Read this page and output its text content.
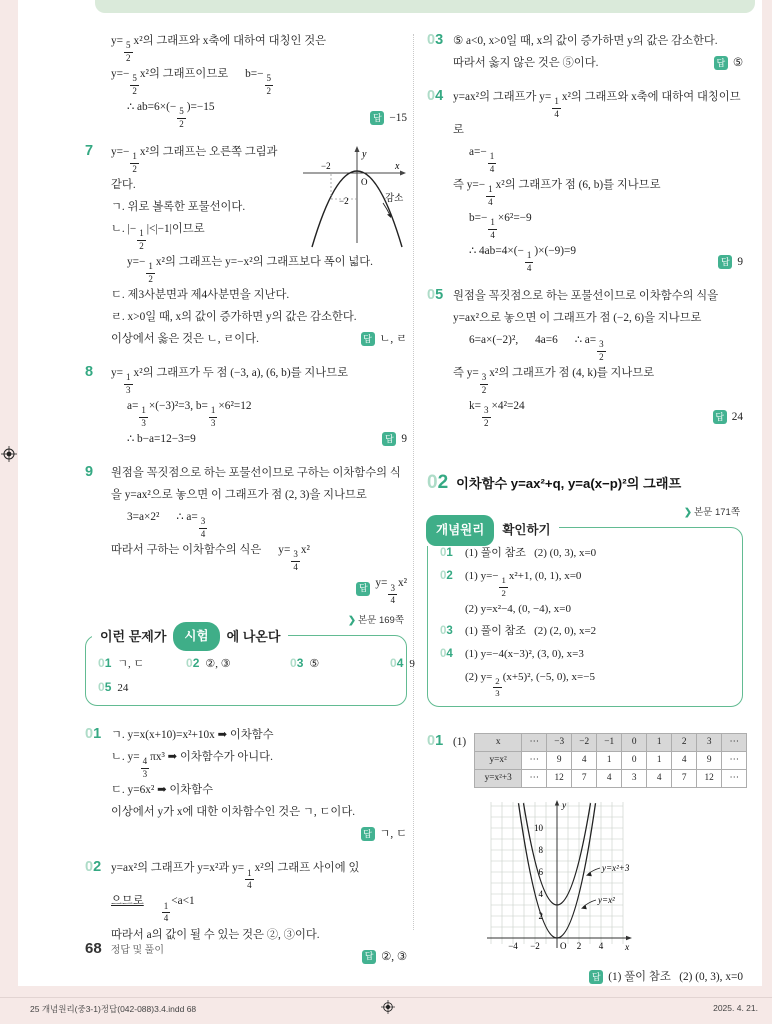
y=
$\frac{5}{2}$
x²의 그래프와 x축에 대하여 대칭인 것은
y=−
$\frac{5}{2}$
x²의 그래프이므로  b=−
$\frac{5}{2}$
∴ ab=6×(−
$\frac{5}{2}$
)=−15
답 −15
7	y
x
O
−2
−2	감소
y=−
$\frac{1}{2}$
x²의 그래프는 오른쪽 그림과 같다.
ㄱ. 위로 볼록한 포물선이다.
ㄴ. |−
$\frac{1}{2}$
|<|−1|이므로
y=−
$\frac{1}{2}$
x²의 그래프는 y=−x²의 그래프보다 폭이 넓다.
ㄷ. 제3사분면과 제4사분면을 지난다.
ㄹ. x>0일 때, x의 값이 증가하면 y의 값은 감소한다.
이상에서 옳은 것은 ㄴ, ㄹ이다.	답 ㄴ, ㄹ
8	y=
$\frac{1}{3}$
x²의 그래프가 두 점 (−3, a), (6, b)를 지나므로
a=
$\frac{1}{3}$
×(−3)²=3, b=
$\frac{1}{3}$
×6²=12
∴ b−a=12−3=9	답 9
9	원점을 꼭짓점으로 하는 포물선이므로 구하는 이차함수의 식을 y=ax²으로 놓으면 이 그래프가 점 (2, 3)을 지나므로
3=a×2²  ∴ a=
$\frac{3}{4}$
따라서 구하는 이차함수의 식은   y=
$\frac{3}{4}$
x²
답 y=
$\frac{3}{4}$
x²
❯ 본문 169쪽
이런 문제가	시험	에 나온다
01 ㄱ, ㄷ	02 ②, ③	03 ⑤	04 9
05 24
01 ㄱ. y=x(x+10)=x²+10x ➡ 이차함수
ㄴ. y=
$\frac{4}{3}$
πx³ ➡ 이차함수가 아니다.
ㄷ. y=6x² ➡ 이차함수
이상에서 y가 x에 대한 이차함수인 것은 ㄱ, ㄷ이다.
답 ㄱ, ㄷ
02 y=ax²의 그래프가 y=x²과 y=
$\frac{1}{4}$
x²의 그래프 사이에 있
으므로  
$\frac{1}{4}$
<a<1
따라서 a의 값이 될 수 있는 것은 ②, ③이다.
답 ②, ③
03 ⑤ a<0, x>0일 때, x의 값이 증가하면 y의 값은 감소한다.
따라서 옳지 않은 것은 ⑤이다.	답 ⑤
04 y=ax²의 그래프가 y=
$\frac{1}{4}$
x²의 그래프와 x축에 대하여 대칭이므로
a=−
$\frac{1}{4}$
즉 y=−
$\frac{1}{4}$
x²의 그래프가 점 (6, b)를 지나므로
b=−
$\frac{1}{4}$
×6²=−9
∴ 4ab=4×(−
$\frac{1}{4}$
)×(−9)=9
답 9
05 원점을 꼭짓점으로 하는 포물선이므로 이차함수의 식을 y=ax²으로 놓으면 이 그래프가 점 (−2, 6)을 지나므로
6=a×(−2)²,  4a=6  ∴ a=
$\frac{3}{2}$
즉 y=
$\frac{3}{2}$
x²의 그래프가 점 (4, k)를 지나므로
k=
$\frac{3}{2}$
×4²=24
답 24
02 이차함수 y=ax²+q, y=a(x−p)²의 그래프
❯ 본문 171쪽
개념원리	확인하기
01	(1) 풀이 참조  (2) (0, 3), x=0
02	(1) $y=- \frac{1}{2} x^2+1$, (0, 1), x=0
(2) y=x²−4, (0, −4), x=0
03	(1) 풀이 참조  (2) (2, 0), x=2
04	(1) y=−4(x−3)², (3, 0), x=3
(2) $y= \frac{2}{3} (x+5)^2$, (−5, 0), x=−5
01 (1)	x	⋯	−3	−2	−1	0	1	2	3	⋯
y=x²	⋯	9	4	1	0	1	4	9	⋯
y=x²+3	⋯	12	7	4	3	4	7	12	⋯
y
x
O
10
8
6
4
2
−4 −2	2 4
y=x²+3
y=x²
답 (1) 풀이 참조  (2) (0, 3), x=0
68 정답 및 풀이
25 개념원리(중3-1)정답(042-088)3.4.indd 68	2025. 4. 21.
